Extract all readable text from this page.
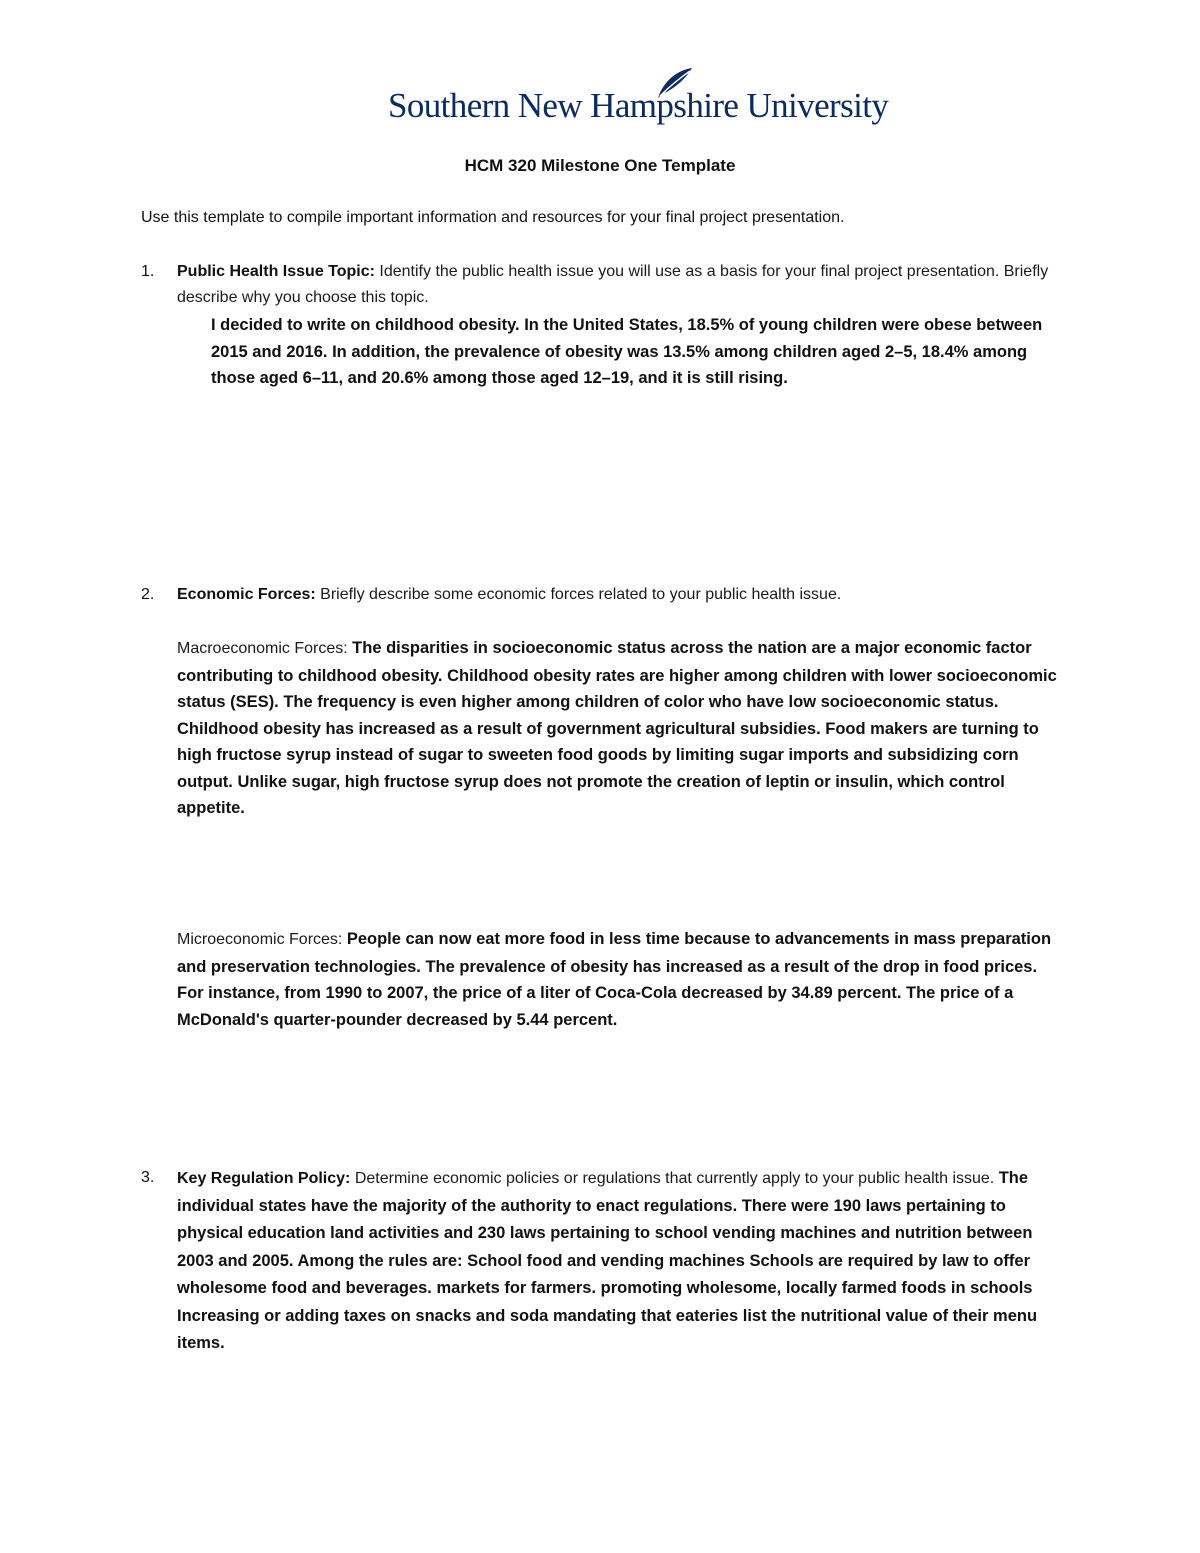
Southern New Hampshire University
HCM 320 Milestone One Template
Use this template to compile important information and resources for your final project presentation.
1. Public Health Issue Topic: Identify the public health issue you will use as a basis for your final project presentation. Briefly describe why you choose this topic.
I decided to write on childhood obesity. In the United States, 18.5% of young children were obese between 2015 and 2016. In addition, the prevalence of obesity was 13.5% among children aged 2–5, 18.4% among those aged 6–11, and 20.6% among those aged 12–19, and it is still rising.
2. Economic Forces: Briefly describe some economic forces related to your public health issue.
Macroeconomic Forces: The disparities in socioeconomic status across the nation are a major economic factor contributing to childhood obesity. Childhood obesity rates are higher among children with lower socioeconomic status (SES). The frequency is even higher among children of color who have low socioeconomic status. Childhood obesity has increased as a result of government agricultural subsidies. Food makers are turning to high fructose syrup instead of sugar to sweeten food goods by limiting sugar imports and subsidizing corn output. Unlike sugar, high fructose syrup does not promote the creation of leptin or insulin, which control appetite.
Microeconomic Forces: People can now eat more food in less time because to advancements in mass preparation and preservation technologies. The prevalence of obesity has increased as a result of the drop in food prices. For instance, from 1990 to 2007, the price of a liter of Coca-Cola decreased by 34.89 percent. The price of a McDonald's quarter-pounder decreased by 5.44 percent.
3. Key Regulation Policy: Determine economic policies or regulations that currently apply to your public health issue. The individual states have the majority of the authority to enact regulations. There were 190 laws pertaining to physical education land activities and 230 laws pertaining to school vending machines and nutrition between 2003 and 2005. Among the rules are: School food and vending machines Schools are required by law to offer wholesome food and beverages. markets for farmers. promoting wholesome, locally farmed foods in schools Increasing or adding taxes on snacks and soda mandating that eateries list the nutritional value of their menu items.
